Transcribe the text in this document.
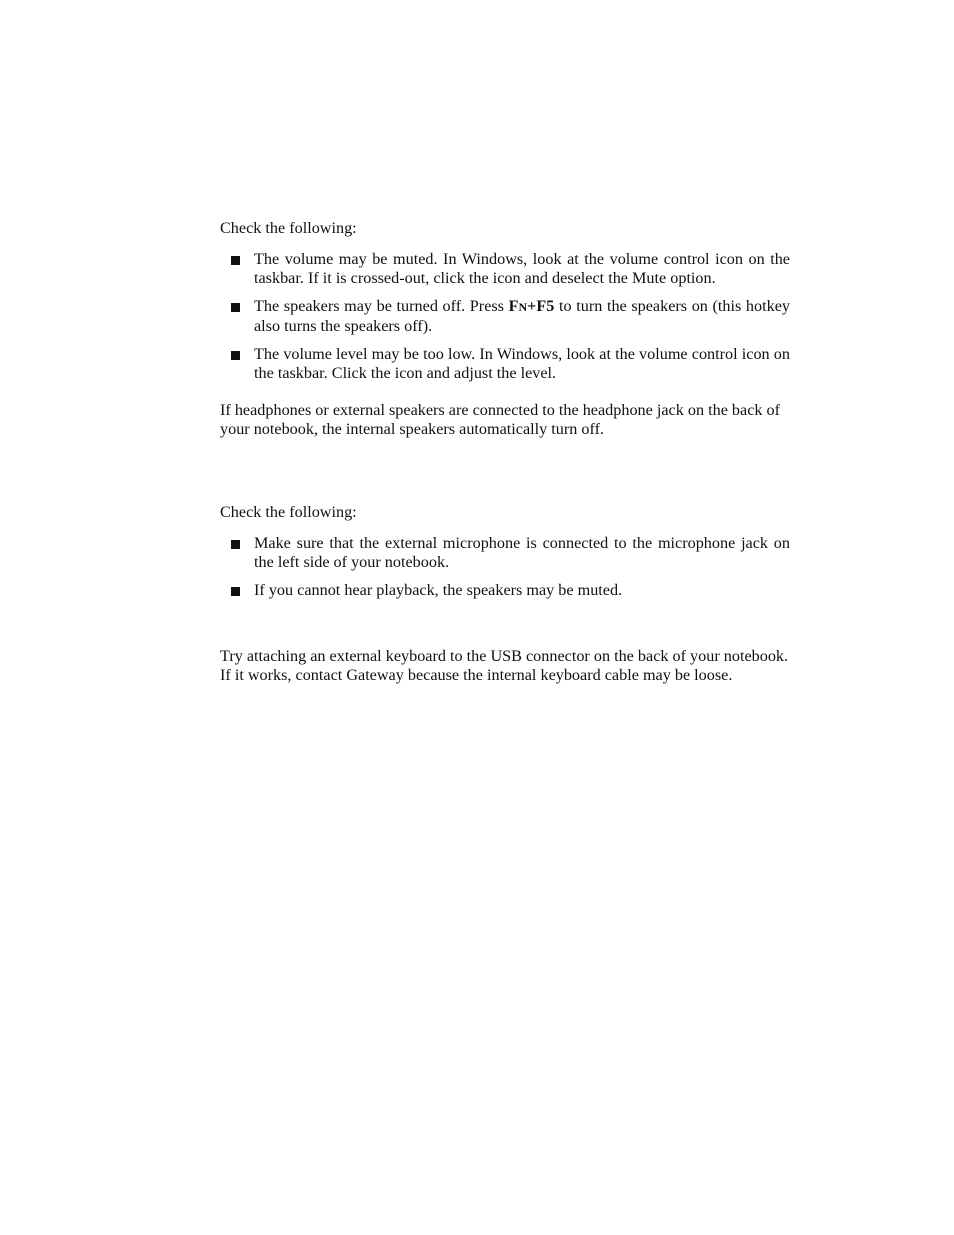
Check the following:

The volume may be muted. In Windows, look at the volume control icon on the taskbar. If it is crossed-out, click the icon and deselect the Mute option.
The speakers may be turned off. Press FN+F5 to turn the speakers on (this hotkey also turns the speakers off).
The volume level may be too low. In Windows, look at the volume control icon on the taskbar. Click the icon and adjust the level.

If headphones or external speakers are connected to the headphone jack on the back of your notebook, the internal speakers automatically turn off.

Check the following:

Make sure that the external microphone is connected to the microphone jack on the left side of your notebook.
If you cannot hear playback, the speakers may be muted.

Try attaching an external keyboard to the USB connector on the back of your notebook. If it works, contact Gateway because the internal keyboard cable may be loose.
